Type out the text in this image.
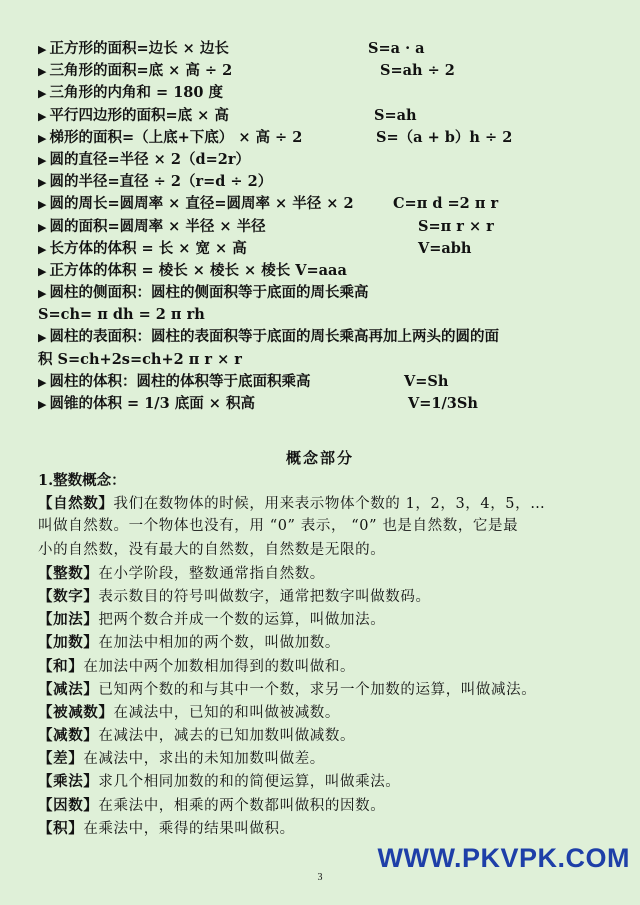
▶ 正方形的面积=边长 × 边长	S=a · a
▶ 三角形的面积=底 × 高 ÷ 2	S=ah ÷ 2
▶ 三角形的内角和 = 180 度
▶ 平行四边形的面积=底 × 高	S=ah
▶ 梯形的面积=（上底+下底） × 高 ÷ 2	S=（a + b）h ÷ 2
▶ 圆的直径=半径 × 2（d=2r）
▶ 圆的半径=直径 ÷ 2（r=d ÷ 2）
▶ 圆的周长=圆周率 × 直径=圆周率 × 半径 × 2	C=π d =2 π r
▶ 圆的面积=圆周率 × 半径 × 半径	S=π r × r
▶ 长方体的体积 = 长 × 宽 × 高	V=abh
▶ 正方体的体积 = 棱长 × 棱长 × 棱长 V=aaa
▶ 圆柱的侧面积：圆柱的侧面积等于底面的周长乘高
S=ch= π dh = 2 π rh
▶ 圆柱的表面积：圆柱的表面积等于底面的周长乘高再加上两头的圆的面
积 S=ch+2s=ch+2 π r × r
▶ 圆柱的体积：圆柱的体积等于底面积乘高	V=Sh
▶ 圆锥的体积 = 1/3 底面 × 积高	V=1/3Sh
概念部分
1.整数概念：
【自然数】我们在数物体的时候，用来表示物体个数的 1，2，3，4，5，…
叫做自然数。一个物体也没有，用 “0” 表示， “0” 也是自然数，它是最
小的自然数，没有最大的自然数，自然数是无限的。
【整数】在小学阶段，整数通常指自然数。
【数字】表示数目的符号叫做数字，通常把数字叫做数码。
【加法】把两个数合并成一个数的运算，叫做加法。
【加数】在加法中相加的两个数，叫做加数。
【和】在加法中两个加数相加得到的数叫做和。
【减法】已知两个数的和与其中一个数，求另一个加数的运算，叫做减法。
【被减数】在减法中，已知的和叫做被减数。
【减数】在减法中，减去的已知加数叫做减数。
【差】在减法中，求出的未知加数叫做差。
【乘法】求几个相同加数的和的简便运算，叫做乘法。
【因数】在乘法中，相乘的两个数都叫做积的因数。
【积】在乘法中，乘得的结果叫做积。
3
WWW.PKVPK.COM
